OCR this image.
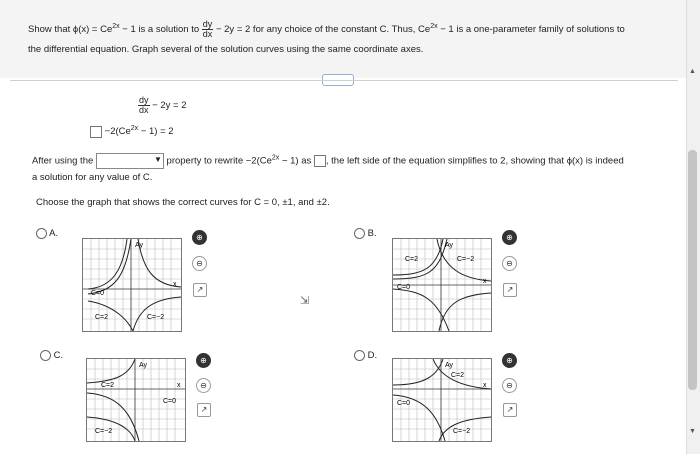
Show that $\phi(x) = Ce^{2x} - 1$ is a solution to $\frac{dy}{dx} - 2y = 2$ for any choice of the constant C. Thus, $Ce^{2x} - 1$ is a one-parameter family of solutions to
the differential equation. Graph several of the solution curves using the same coordinate axes.
▲
▼
$\frac{dy}{dx} - 2y = 2$
$-2(Ce^{2x} - 1) = 2$
After using the	▼ property to rewrite $-2(Ce^{2x} - 1)$ as , the left side of the equation simplifies to 2, showing that ϕ(x) is indeed
a solution for any value of C.
Choose the graph that shows the correct curves for C = 0, ±1, and ±2.
A.
C=0
C=2	C=−2
Ay
x
⊕
⊖
↗
B.
C=2	C=−2
C=0
Ay
x
⊕
⊖
↗
⇲
C.
C=2
C=0
C=−2
Ay
x
⊕
⊖
↗
D.
C=2
C=0
C=−2
Ay
x
⊕
⊖
↗
